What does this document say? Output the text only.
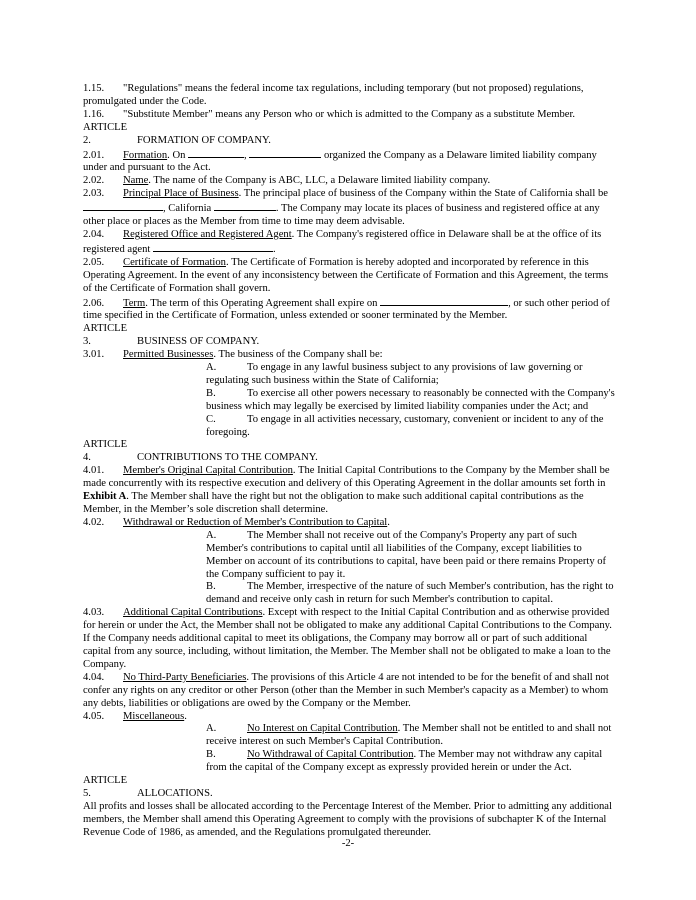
1.15. "Regulations" means the federal income tax regulations, including temporary (but not proposed) regulations, promulgated under the Code.

1.16. "Substitute Member" means any Person who or which is admitted to the Company as a substitute Member.

ARTICLE 2.	FORMATION OF COMPANY.

2.01. Formation. On	,	organized the Company as a Delaware limited liability company under and pursuant to the Act.

2.02. Name. The name of the Company is ABC, LLC, a Delaware limited liability company.

2.03. Principal Place of Business. The principal place of business of the Company within the State of California shall be , California	. The Company may locate its places of business and registered office at any other place or places as the Member from time to time may deem advisable.

2.04. Registered Office and Registered Agent. The Company's registered office in Delaware shall be at the office of its registered agent	.

2.05. Certificate of Formation. The Certificate of Formation is hereby adopted and incorporated by reference in this Operating Agreement. In the event of any inconsistency between the Certificate of Formation and this Agreement, the terms of the Certificate of Formation shall govern.

2.06. Term. The term of this Operating Agreement shall expire on	, or such other period of time specified in the Certificate of Formation, unless extended or sooner terminated by the Member.

ARTICLE 3.	BUSINESS OF COMPANY.

3.01. Permitted Businesses. The business of the Company shall be:

A.	To engage in any lawful business subject to any provisions of law governing or regulating such business within the State of California;

B.	To exercise all other powers necessary to reasonably be connected with the Company's business which may legally be exercised by limited liability companies under the Act; and

C.	To engage in all activities necessary, customary, convenient or incident to any of the foregoing.

ARTICLE 4.	CONTRIBUTIONS TO THE COMPANY.

4.01. Member's Original Capital Contribution. The Initial Capital Contributions to the Company by the Member shall be made concurrently with its respective execution and delivery of this Operating Agreement in the dollar amounts set forth in Exhibit A. The Member shall have the right but not the obligation to make such additional capital contributions as the Member, in the Member’s sole discretion shall determine.

4.02. Withdrawal or Reduction of Member's Contribution to Capital.

A.	The Member shall not receive out of the Company's Property any part of such Member's contributions to capital until all liabilities of the Company, except liabilities to Member on account of its contributions to capital, have been paid or there remains Property of the Company sufficient to pay it.

B.	The Member, irrespective of the nature of such Member's contribution, has the right to demand and receive only cash in return for such Member's contribution to capital.

4.03. Additional Capital Contributions. Except with respect to the Initial Capital Contribution and as otherwise provided for herein or under the Act, the Member shall not be obligated to make any additional Capital Contributions to the Company. If the Company needs additional capital to meet its obligations, the Company may borrow all or part of such additional capital from any source, including, without limitation, the Member. The Member shall not be obligated to make a loan to the Company.

4.04. No Third-Party Beneficiaries. The provisions of this Article 4 are not intended to be for the benefit of and shall not confer any rights on any creditor or other Person (other than the Member in such Member's capacity as a Member) to whom any debts, liabilities or obligations are owed by the Company or the Member.

4.05. Miscellaneous.

A.	No Interest on Capital Contribution. The Member shall not be entitled to and shall not receive interest on such Member's Capital Contribution.

B.	No Withdrawal of Capital Contribution. The Member may not withdraw any capital from the capital of the Company except as expressly provided herein or under the Act.

ARTICLE 5.	ALLOCATIONS.

All profits and losses shall be allocated according to the Percentage Interest of the Member. Prior to admitting any additional members, the Member shall amend this Operating Agreement to comply with the provisions of subchapter K of the Internal Revenue Code of 1986, as amended, and the Regulations promulgated thereunder.

-2-
